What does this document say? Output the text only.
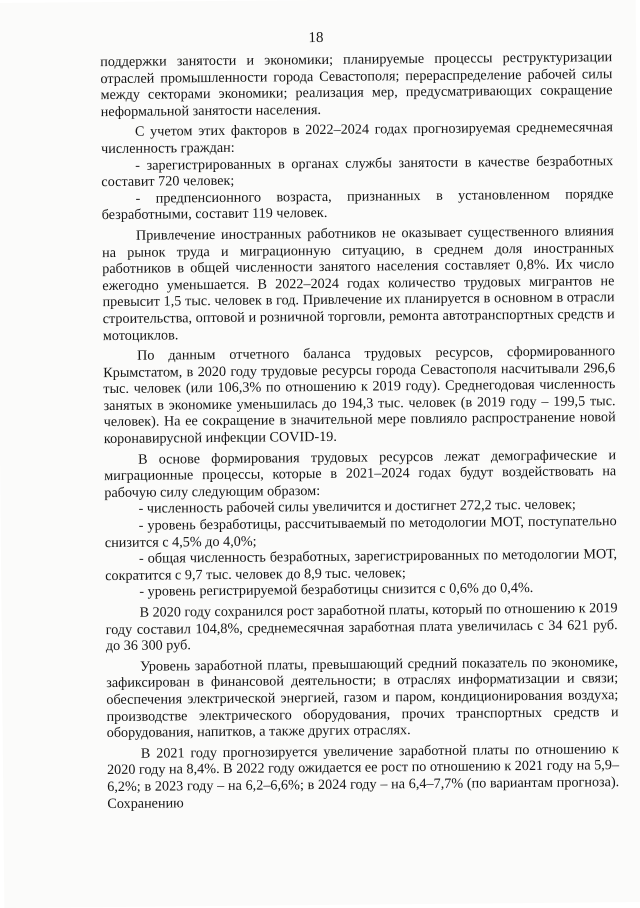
18

поддержки занятости и экономики; планируемые процессы реструктуризации отраслей промышленности города Севастополя; перераспределение рабочей силы между секторами экономики; реализация мер, предусматривающих сокращение неформальной занятости населения.

С учетом этих факторов в 2022–2024 годах прогнозируемая среднемесячная численность граждан:

- зарегистрированных в органах службы занятости в качестве безработных составит 720 человек;

- предпенсионного возраста, признанных в установленном порядке безработными, составит 119 человек.

Привлечение иностранных работников не оказывает существенного влияния на рынок труда и миграционную ситуацию, в среднем доля иностранных работников в общей численности занятого населения составляет 0,8%. Их число ежегодно уменьшается. В 2022–2024 годах количество трудовых мигрантов не превысит 1,5 тыс. человек в год. Привлечение их планируется в основном в отрасли строительства, оптовой и розничной торговли, ремонта автотранспортных средств и мотоциклов.

По данным отчетного баланса трудовых ресурсов, сформированного Крымстатом, в 2020 году трудовые ресурсы города Севастополя насчитывали 296,6 тыс. человек (или 106,3% по отношению к 2019 году). Среднегодовая численность занятых в экономике уменьшилась до 194,3 тыс. человек (в 2019 году – 199,5 тыс. человек). На ее сокращение в значительной мере повлияло распространение новой коронавирусной инфекции COVID-19.

В основе формирования трудовых ресурсов лежат демографические и миграционные процессы, которые в 2021–2024 годах будут воздействовать на рабочую силу следующим образом:

- численность рабочей силы увеличится и достигнет 272,2 тыс. человек;

- уровень безработицы, рассчитываемый по методологии МОТ, поступательно снизится с 4,5% до 4,0%;

- общая численность безработных, зарегистрированных по методологии МОТ, сократится с 9,7 тыс. человек до 8,9 тыс. человек;

- уровень регистрируемой безработицы снизится с 0,6% до 0,4%.

В 2020 году сохранился рост заработной платы, который по отношению к 2019 году составил 104,8%, среднемесячная заработная плата увеличилась с 34 621 руб. до 36 300 руб.

Уровень заработной платы, превышающий средний показатель по экономике, зафиксирован в финансовой деятельности; в отраслях информатизации и связи; обеспечения электрической энергией, газом и паром, кондиционирования воздуха; производстве электрического оборудования, прочих транспортных средств и оборудования, напитков, а также других отраслях.

В 2021 году прогнозируется увеличение заработной платы по отношению к 2020 году на 8,4%. В 2022 году ожидается ее рост по отношению к 2021 году на 5,9–6,2%; в 2023 году – на 6,2–6,6%; в 2024 году – на 6,4–7,7% (по вариантам прогноза). Сохранению
